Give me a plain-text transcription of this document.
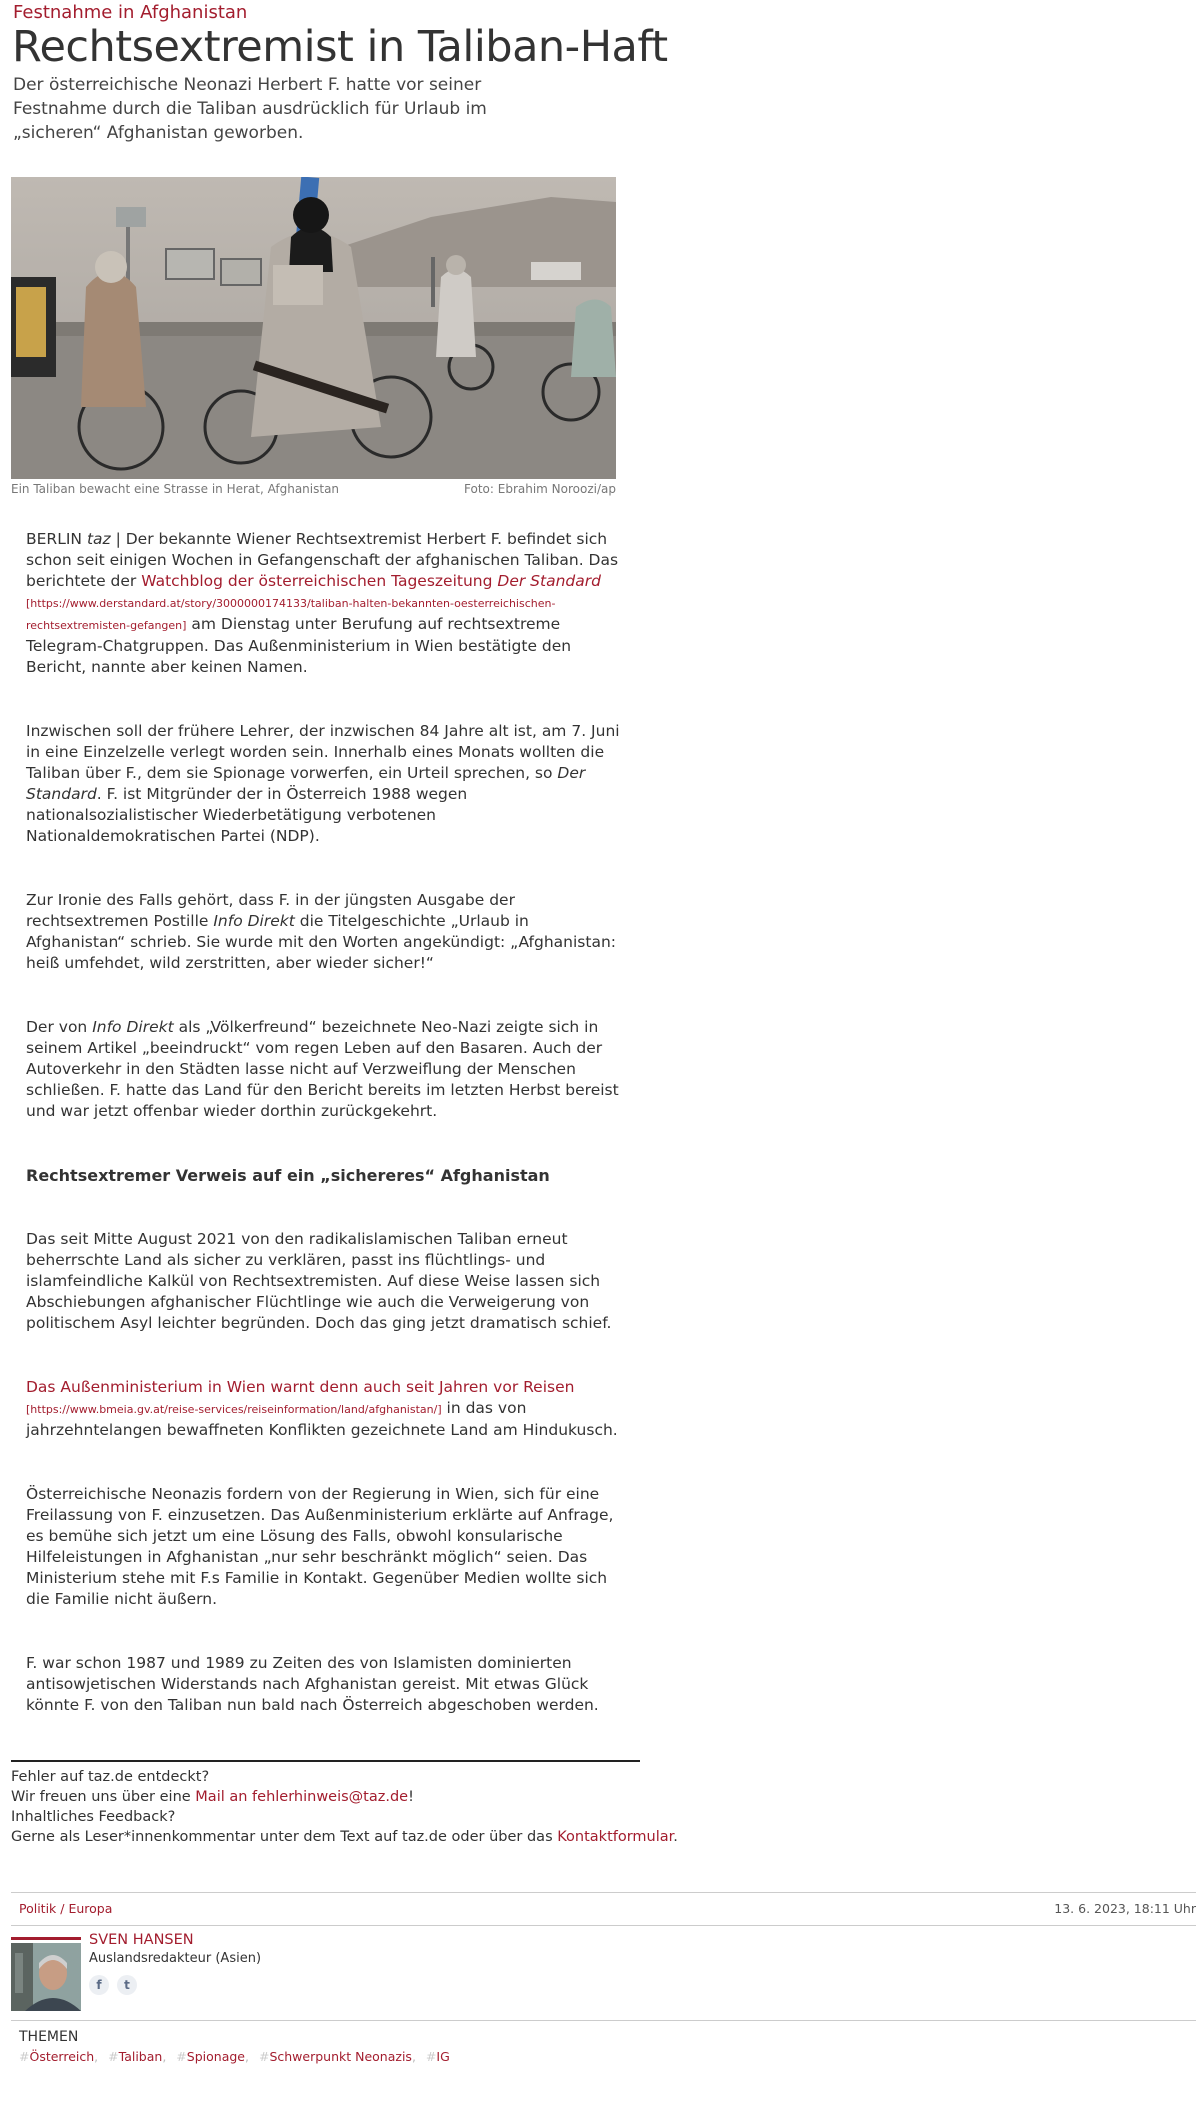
Festnahme in Afghanistan
Rechtsextremist in Taliban-Haft

Der österreichische Neonazi Herbert F. hatte vor seiner Festnahme durch die Taliban ausdrücklich für Urlaub im „sicheren“ Afghanistan geworben.

Ein Taliban bewacht eine Strasse in Herat, Afghanistan	Foto: Ebrahim Noroozi/ap

BERLIN taz | Der bekannte Wiener Rechtsextremist Herbert F. befindet sich schon seit einigen Wochen in Gefangenschaft der afghanischen Taliban. Das berichtete der Watchblog der österreichischen Tageszeitung Der Standard
[https://www.derstandard.at/story/3000000174133/taliban-halten-bekannten-oesterreichischen-rechtsextremisten-gefangen] am Dienstag unter Berufung auf rechtsextreme Telegram-Chatgruppen. Das Außenministerium in Wien bestätigte den Bericht, nannte aber keinen Namen.

Inzwischen soll der frühere Lehrer, der inzwischen 84 Jahre alt ist, am 7. Juni in eine Einzelzelle verlegt worden sein. Innerhalb eines Monats wollten die Taliban über F., dem sie Spionage vorwerfen, ein Urteil sprechen, so Der Standard. F. ist Mitgründer der in Österreich 1988 wegen nationalsozialistischer Wiederbetätigung verbotenen Nationaldemokratischen Partei (NDP).

Zur Ironie des Falls gehört, dass F. in der jüngsten Ausgabe der rechtsextremen Postille Info Direkt die Titelgeschichte „Urlaub in Afghanistan“ schrieb. Sie wurde mit den Worten angekündigt: „Afghanistan: heiß umfehdet, wild zerstritten, aber wieder sicher!“

Der von Info Direkt als „Völkerfreund“ bezeichnete Neo-Nazi zeigte sich in seinem Artikel „beeindruckt“ vom regen Leben auf den Basaren. Auch der Autoverkehr in den Städten lasse nicht auf Verzweiflung der Menschen schließen. F. hatte das Land für den Bericht bereits im letzten Herbst bereist und war jetzt offenbar wieder dorthin zurückgekehrt.

Rechtsextremer Verweis auf ein „sichereres“ Afghanistan

Das seit Mitte August 2021 von den radikalislamischen Taliban erneut beherrschte Land als sicher zu verklären, passt ins flüchtlings- und islamfeindliche Kalkül von Rechtsextremisten. Auf diese Weise lassen sich Abschiebungen afghanischer Flüchtlinge wie auch die Verweigerung von politischem Asyl leichter begründen. Doch das ging jetzt dramatisch schief.

Das Außenministerium in Wien warnt denn auch seit Jahren vor Reisen
[https://www.bmeia.gv.at/reise-services/reiseinformation/land/afghanistan/] in das von jahrzehntelangen bewaffneten Konflikten gezeichnete Land am Hindukusch.

Österreichische Neonazis fordern von der Regierung in Wien, sich für eine Freilassung von F. einzusetzen. Das Außenministerium erklärte auf Anfrage, es bemühe sich jetzt um eine Lösung des Falls, obwohl konsularische Hilfeleistungen in Afghanistan „nur sehr beschränkt möglich“ seien. Das Ministerium stehe mit F.s Familie in Kontakt. Gegenüber Medien wollte sich die Familie nicht äußern.

F. war schon 1987 und 1989 zu Zeiten des von Islamisten dominierten antisowjetischen Widerstands nach Afghanistan gereist. Mit etwas Glück könnte F. von den Taliban nun bald nach Österreich abgeschoben werden.

Fehler auf taz.de entdeckt?
Wir freuen uns über eine Mail an fehlerhinweis@taz.de!
Inhaltliches Feedback?
Gerne als Leser*innenkommentar unter dem Text auf taz.de oder über das Kontaktformular.
Politik / Europa	13. 6. 2023, 18:11 Uhr
SVEN HANSEN
Auslandsredakteur (Asien)
f	t
THEMEN
#Österreich, #Taliban, #Spionage, #Schwerpunkt Neonazis, #IG
